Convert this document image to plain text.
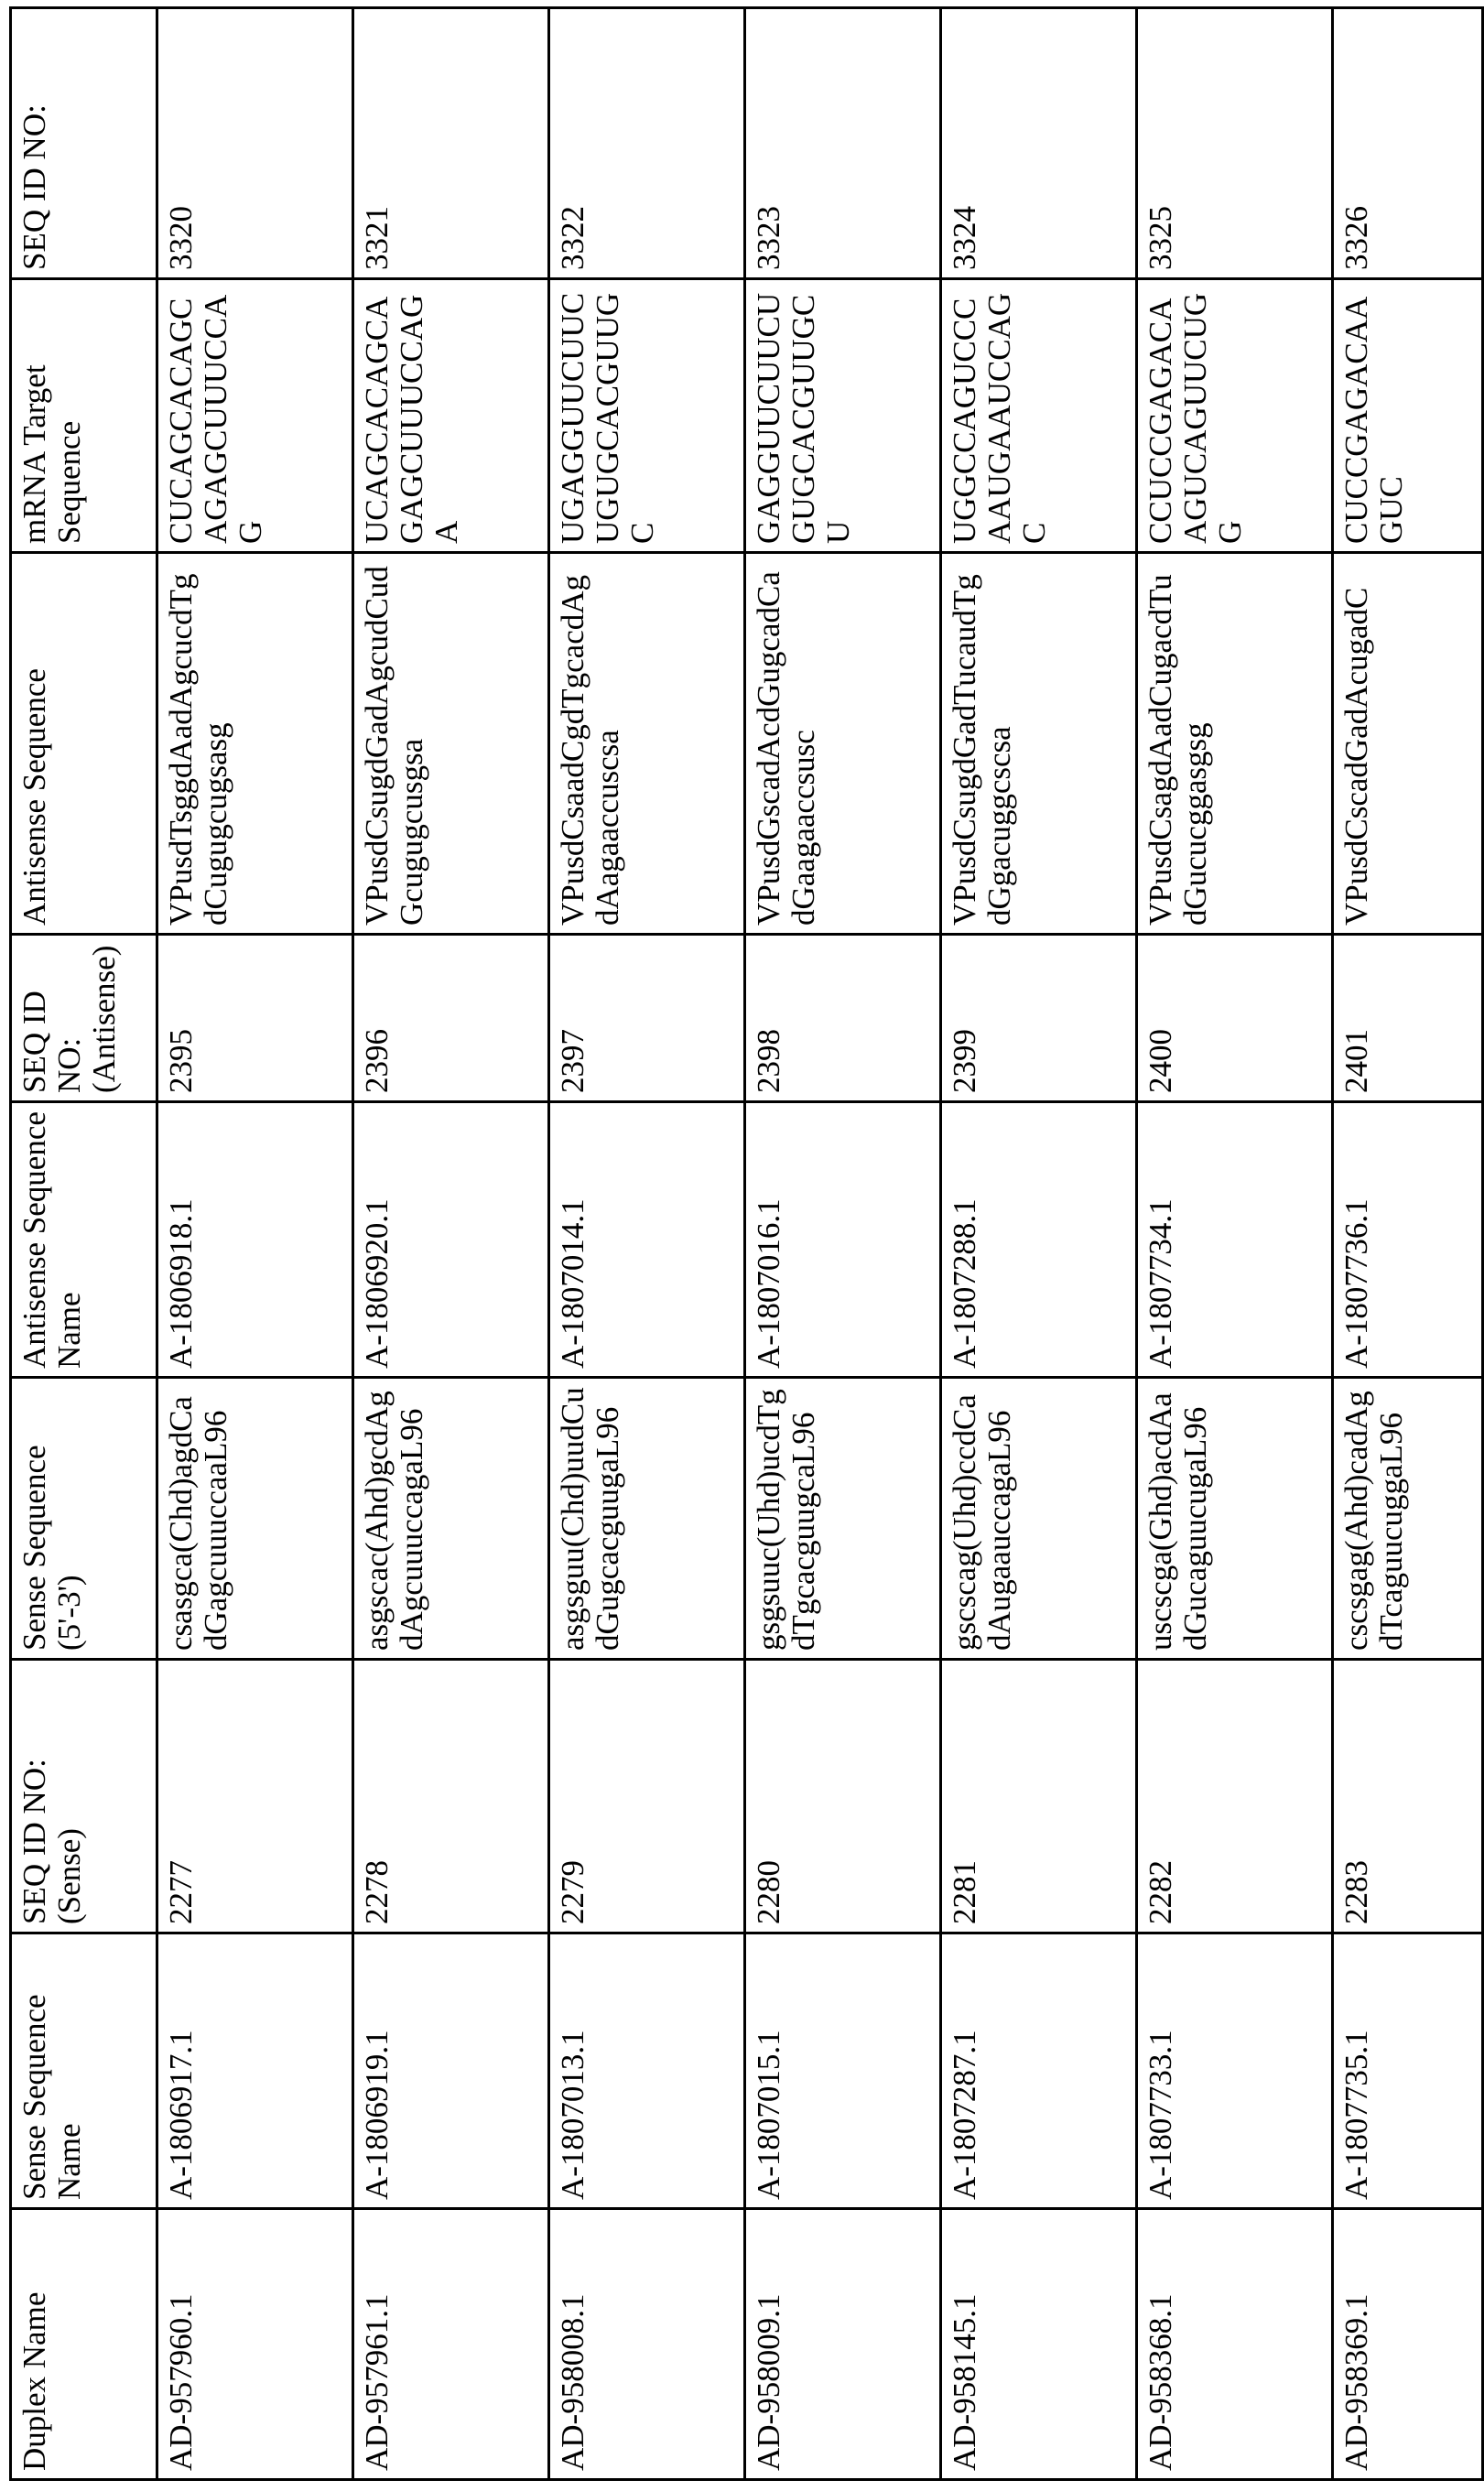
Duplex Name	Sense Sequence Name	SEQ ID NO: (Sense)	Sense Sequence (5'-3')	Antisense Sequence Name	SEQ ID NO: (Antisense)	Antisense Sequence	mRNA Target Sequence	SEQ ID NO:
AD-957960.1	A-1806917.1	2277	csasgca(Chd)agdCadGagcuuuccaaL96	A-1806918.1	2395	VPusdTsggdAadAgcucdTgdCugugcugsasg	CUCAGCACAGCAGAGCUUUCCAG	3320
AD-957961.1	A-1806919.1	2278	asgscac(Ahd)gcdAgdAgcuuuccagaL96	A-1806920.1	2396	VPusdCsugdGadAgcudCudGcugugcusgsa	UCAGCACAGCAGAGCUUUCCAGA	3321
AD-958008.1	A-1807013.1	2279	asgsguu(Chd)uudCudGugcacguugaL96	A-1807014.1	2397	VPusdCsaadCgdTgcacdAgdAagaaccuscsa	UGAGGUUCUUCUGUGCACGUUGC	3322
AD-958009.1	A-1807015.1	2280	gsgsuuc(Uhd)ucdTgdTgcacguugcaL96	A-1807016.1	2398	VPusdGscadAcdGugcadCadGaagaaccsusc	GAGGUUCUUCUGUGCACGUUGCU	3323
AD-958145.1	A-1807287.1	2281	gscscag(Uhd)ccdCadAugaauccagaL96	A-1807288.1	2399	VPusdCsugdGadTucaudTgdGgacuggcscsa	UGGCCAGUCCCAAUGAAUCCAGC	3324
AD-958368.1	A-1807733.1	2282	uscscga(Ghd)acdAadGucaguucugaL96	A-1807734.1	2400	VPusdCsagdAadCugacdTudGucucggasgsg	CCUCCGAGACAAGUCAGUUCUGG	3325
AD-958369.1	A-1807735.1	2283	cscsgag(Ahd)cadAgdTcaguucuggaL96	A-1807736.1	2401	VPusdCscadGadAcugadC	CUCCGAGACAAGUC	3326
